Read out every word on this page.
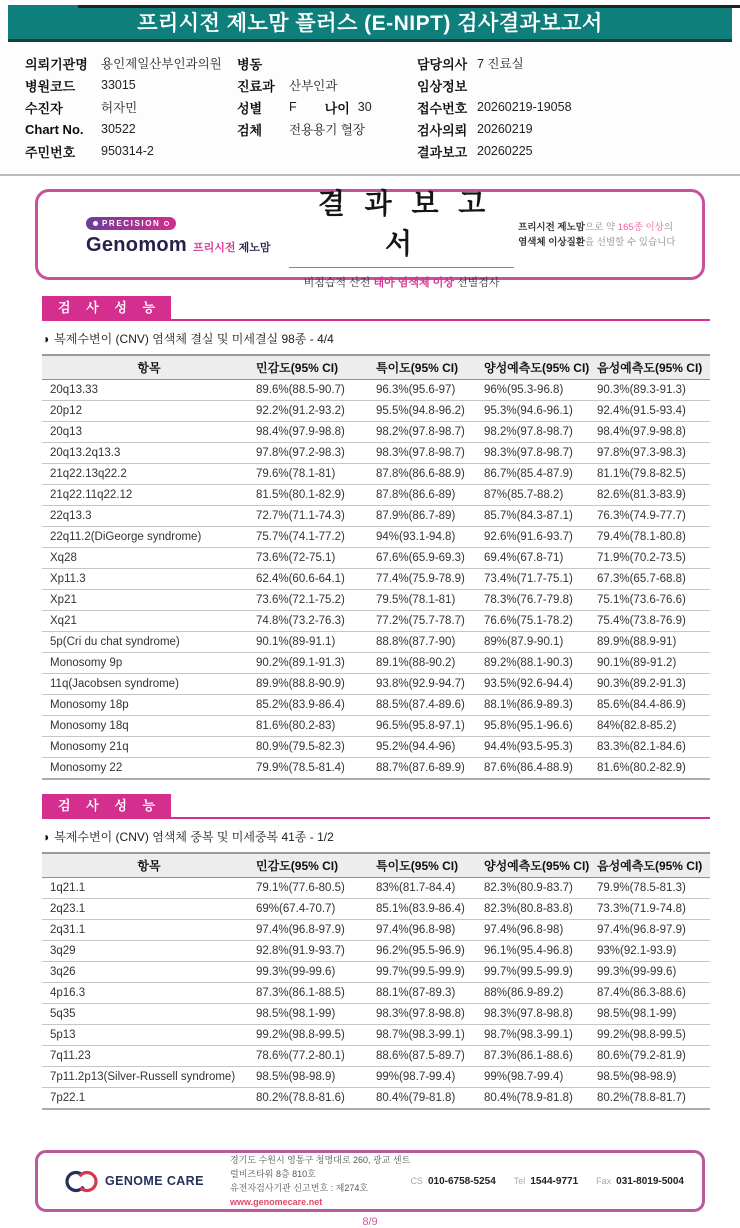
프리시전 제노맘 플러스 (E-NIPT) 검사결과보고서
의뢰기관명	용인제일산부인과의원
병원코드	33015
수진자	허자민
Chart No.	30522
주민번호	950314-2
병동
진료과	산부인과
성별	F 나이 30
검체	전용용기 혈장
담당의사 7 진료실
임상정보
접수번호 20260219-19058
검사의뢰 20260219
결과보고 20260225
PRECISION
Genomom 프리시전 제노맘
결 과 보 고 서
비침습적 산전 태아 염색체 이상 선별검사
프리시전 제노맘으로 약 165종 이상의
염색체 이상질환을 선별할 수 있습니다
검 사 성 능
◑ 복제수변이 (CNV) 염색체 결실 및 미세결실 98종 - 4/4
항목	민감도(95% CI)	특이도(95% CI)	양성예측도(95% CI)	음성예측도(95% CI)
20q13.33	89.6%(88.5-90.7)	96.3%(95.6-97)	96%(95.3-96.8)	90.3%(89.3-91.3)
20p12	92.2%(91.2-93.2)	95.5%(94.8-96.2)	95.3%(94.6-96.1)	92.4%(91.5-93.4)
20q13	98.4%(97.9-98.8)	98.2%(97.8-98.7)	98.2%(97.8-98.7)	98.4%(97.9-98.8)
20q13.2q13.3	97.8%(97.2-98.3)	98.3%(97.8-98.7)	98.3%(97.8-98.7)	97.8%(97.3-98.3)
21q22.13q22.2	79.6%(78.1-81)	87.8%(86.6-88.9)	86.7%(85.4-87.9)	81.1%(79.8-82.5)
21q22.11q22.12	81.5%(80.1-82.9)	87.8%(86.6-89)	87%(85.7-88.2)	82.6%(81.3-83.9)
22q13.3	72.7%(71.1-74.3)	87.9%(86.7-89)	85.7%(84.3-87.1)	76.3%(74.9-77.7)
22q11.2(DiGeorge syndrome)	75.7%(74.1-77.2)	94%(93.1-94.8)	92.6%(91.6-93.7)	79.4%(78.1-80.8)
Xq28	73.6%(72-75.1)	67.6%(65.9-69.3)	69.4%(67.8-71)	71.9%(70.2-73.5)
Xp11.3	62.4%(60.6-64.1)	77.4%(75.9-78.9)	73.4%(71.7-75.1)	67.3%(65.7-68.8)
Xp21	73.6%(72.1-75.2)	79.5%(78.1-81)	78.3%(76.7-79.8)	75.1%(73.6-76.6)
Xq21	74.8%(73.2-76.3)	77.2%(75.7-78.7)	76.6%(75.1-78.2)	75.4%(73.8-76.9)
5p(Cri du chat syndrome)	90.1%(89-91.1)	88.8%(87.7-90)	89%(87.9-90.1)	89.9%(88.9-91)
Monosomy 9p	90.2%(89.1-91.3)	89.1%(88-90.2)	89.2%(88.1-90.3)	90.1%(89-91.2)
11q(Jacobsen syndrome)	89.9%(88.8-90.9)	93.8%(92.9-94.7)	93.5%(92.6-94.4)	90.3%(89.2-91.3)
Monosomy 18p	85.2%(83.9-86.4)	88.5%(87.4-89.6)	88.1%(86.9-89.3)	85.6%(84.4-86.9)
Monosomy 18q	81.6%(80.2-83)	96.5%(95.8-97.1)	95.8%(95.1-96.6)	84%(82.8-85.2)
Monosomy 21q	80.9%(79.5-82.3)	95.2%(94.4-96)	94.4%(93.5-95.3)	83.3%(82.1-84.6)
Monosomy 22	79.9%(78.5-81.4)	88.7%(87.6-89.9)	87.6%(86.4-88.9)	81.6%(80.2-82.9)
검 사 성 능
◑ 복제수변이 (CNV) 염색체 중복 및 미세중복 41종 - 1/2
항목	민감도(95% CI)	특이도(95% CI)	양성예측도(95% CI)	음성예측도(95% CI)
1q21.1	79.1%(77.6-80.5)	83%(81.7-84.4)	82.3%(80.9-83.7)	79.9%(78.5-81.3)
2q23.1	69%(67.4-70.7)	85.1%(83.9-86.4)	82.3%(80.8-83.8)	73.3%(71.9-74.8)
2q31.1	97.4%(96.8-97.9)	97.4%(96.8-98)	97.4%(96.8-98)	97.4%(96.8-97.9)
3q29	92.8%(91.9-93.7)	96.2%(95.5-96.9)	96.1%(95.4-96.8)	93%(92.1-93.9)
3q26	99.3%(99-99.6)	99.7%(99.5-99.9)	99.7%(99.5-99.9)	99.3%(99-99.6)
4p16.3	87.3%(86.1-88.5)	88.1%(87-89.3)	88%(86.9-89.2)	87.4%(86.3-88.6)
5q35	98.5%(98.1-99)	98.3%(97.8-98.8)	98.3%(97.8-98.8)	98.5%(98.1-99)
5p13	99.2%(98.8-99.5)	98.7%(98.3-99.1)	98.7%(98.3-99.1)	99.2%(98.8-99.5)
7q11.23	78.6%(77.2-80.1)	88.6%(87.5-89.7)	87.3%(86.1-88.6)	80.6%(79.2-81.9)
7p11.2p13(Silver-Russell syndrome)	98.5%(98-98.9)	99%(98.7-99.4)	99%(98.7-99.4)	98.5%(98-98.9)
7p22.1	80.2%(78.8-81.6)	80.4%(79-81.8)	80.4%(78.9-81.8)	80.2%(78.8-81.7)
GENOME CARE
경기도 수원시 영통구 청명대로 260, 광교 센트럴비즈타워 8층 810호
유전자검사기관 신고번호 : 제274호
www.genomecare.net
CS 010-6758-5254 Tel 1544-9771 Fax 031-8019-5004
8/9
